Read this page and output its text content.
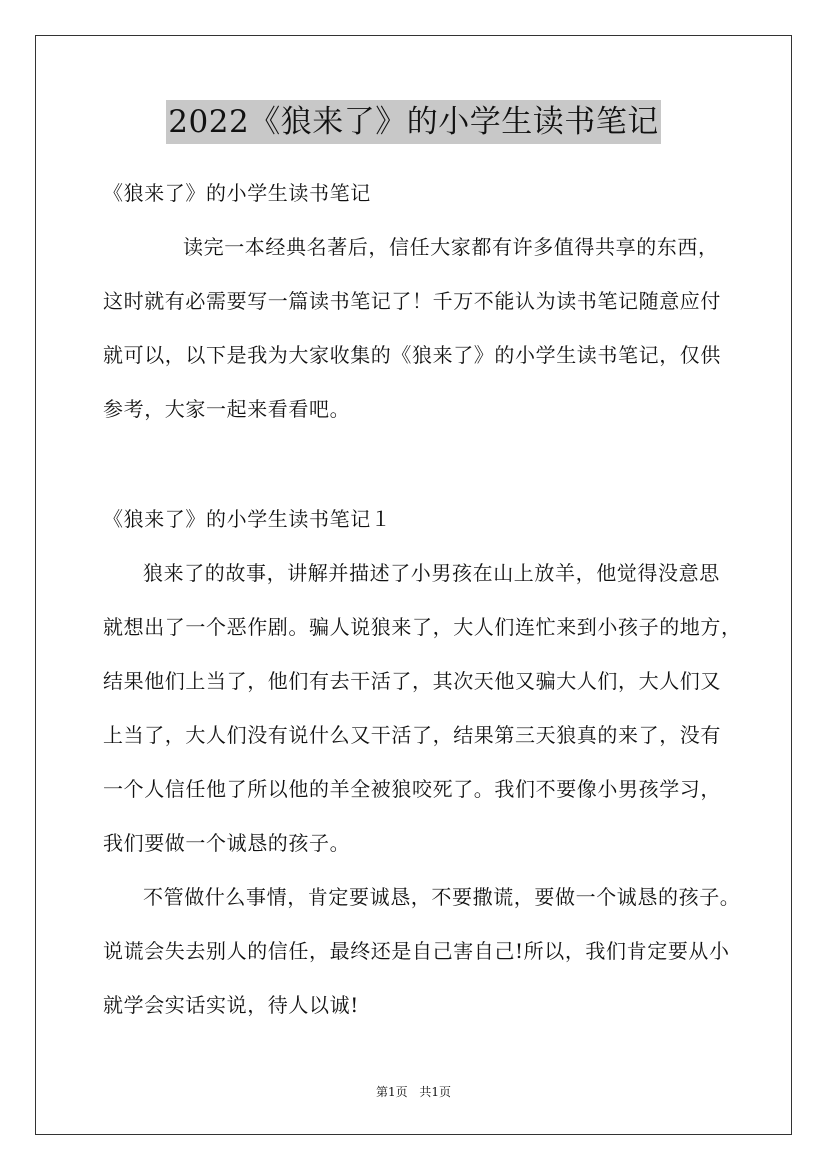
2022《狼来了》的小学生读书笔记
《狼来了》的小学生读书笔记
读完一本经典名著后，信任大家都有许多值得共享的东西，
这时就有必需要写一篇读书笔记了！千万不能认为读书笔记随意应付
就可以，以下是我为大家收集的《狼来了》的小学生读书笔记，仅供
参考，大家一起来看看吧。
《狼来了》的小学生读书笔记１
狼来了的故事，讲解并描述了小男孩在山上放羊，他觉得没意思
就想出了一个恶作剧。骗人说狼来了，大人们连忙来到小孩子的地方，
结果他们上当了，他们有去干活了，其次天他又骗大人们，大人们又
上当了，大人们没有说什么又干活了，结果第三天狼真的来了，没有
一个人信任他了所以他的羊全被狼咬死了。我们不要像小男孩学习，
我们要做一个诚恳的孩子。
不管做什么事情，肯定要诚恳，不要撒谎，要做一个诚恳的孩子。
说谎会失去别人的信任，最终还是自己害自己!所以，我们肯定要从小
就学会实话实说，待人以诚!
第1页 共1页
